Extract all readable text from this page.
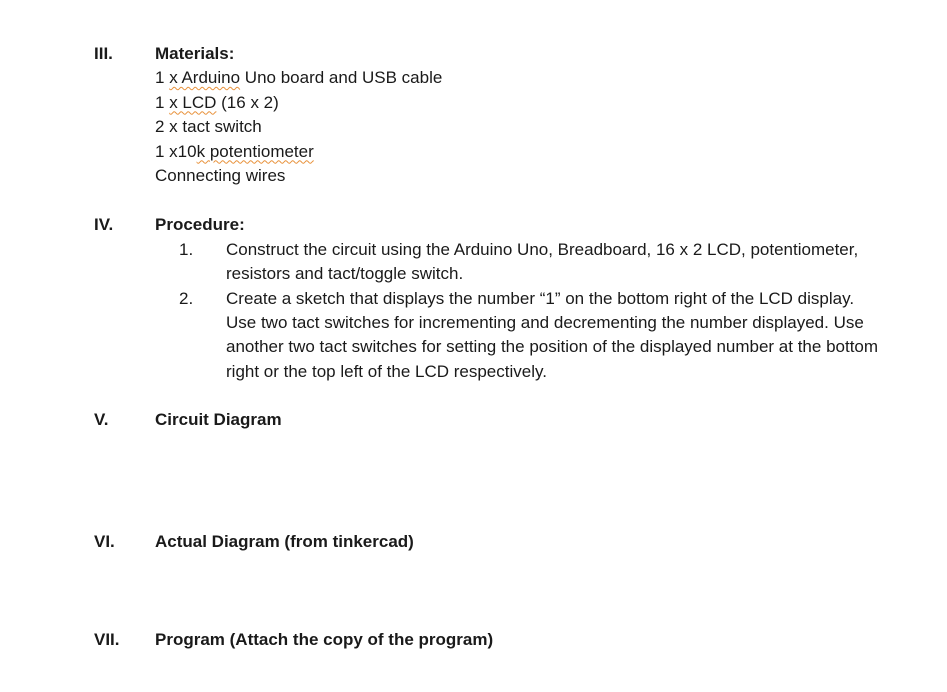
III. Materials:
1 x Arduino Uno board and USB cable
1 x LCD (16 x 2)
2 x tact switch
1 x10k potentiometer
Connecting wires
IV. Procedure:
1. Construct the circuit using the Arduino Uno, Breadboard, 16 x 2 LCD, potentiometer, resistors and tact/toggle switch.
2. Create a sketch that displays the number “1” on the bottom right of the LCD display. Use two tact switches for incrementing and decrementing the number displayed. Use another two tact switches for setting the position of the displayed number at the bottom right or the top left of the LCD respectively.
V.	Circuit Diagram
VI. Actual Diagram (from tinkercad)
VII. Program (Attach the copy of the program)
